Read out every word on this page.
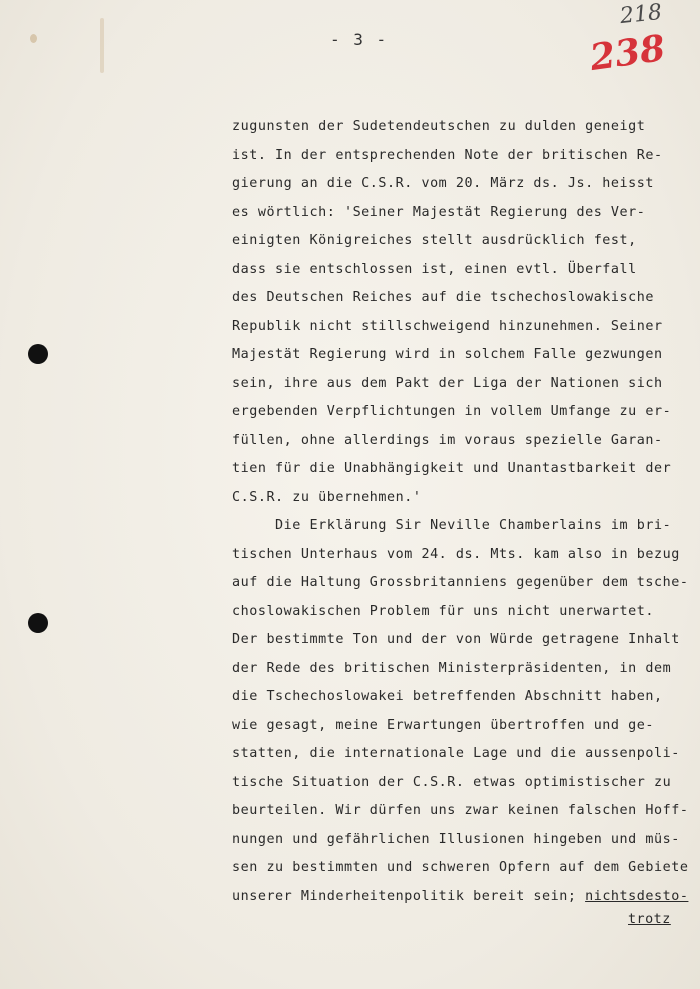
- 3 -
218
238
zugunsten der Sudetendeutschen zu dulden geneigt
ist. In der entsprechenden Note der britischen Re-
gierung an die C.S.R. vom 20. März ds. Js. heisst
es wörtlich: 'Seiner Majestät Regierung des Ver-
einigten Königreiches stellt ausdrücklich fest,
dass sie entschlossen ist, einen evtl. Überfall
des Deutschen Reiches auf die tschechoslowakische
Republik nicht stillschweigend hinzunehmen. Seiner
Majestät Regierung wird in solchem Falle gezwungen
sein, ihre aus dem Pakt der Liga der Nationen sich
ergebenden Verpflichtungen in vollem Umfange zu er-
füllen, ohne allerdings im voraus spezielle Garan-
tien für die Unabhängigkeit und Unantastbarkeit der
C.S.R. zu übernehmen.'
Die Erklärung Sir Neville Chamberlains im bri-
tischen Unterhaus vom 24. ds. Mts. kam also in bezug
auf die Haltung Grossbritanniens gegenüber dem tsche-
choslowakischen Problem für uns nicht unerwartet.
Der bestimmte Ton und der von Würde getragene Inhalt
der Rede des britischen Ministerpräsidenten, in dem
die Tschechoslowakei betreffenden Abschnitt haben,
wie gesagt, meine Erwartungen übertroffen und ge-
statten, die internationale Lage und die aussenpoli-
tische Situation der C.S.R. etwas optimistischer zu
beurteilen. Wir dürfen uns zwar keinen falschen Hoff-
nungen und gefährlichen Illusionen hingeben und müs-
sen zu bestimmten und schweren Opfern auf dem Gebiete
unserer Minderheitenpolitik bereit sein; nichtsdesto-
trotz
